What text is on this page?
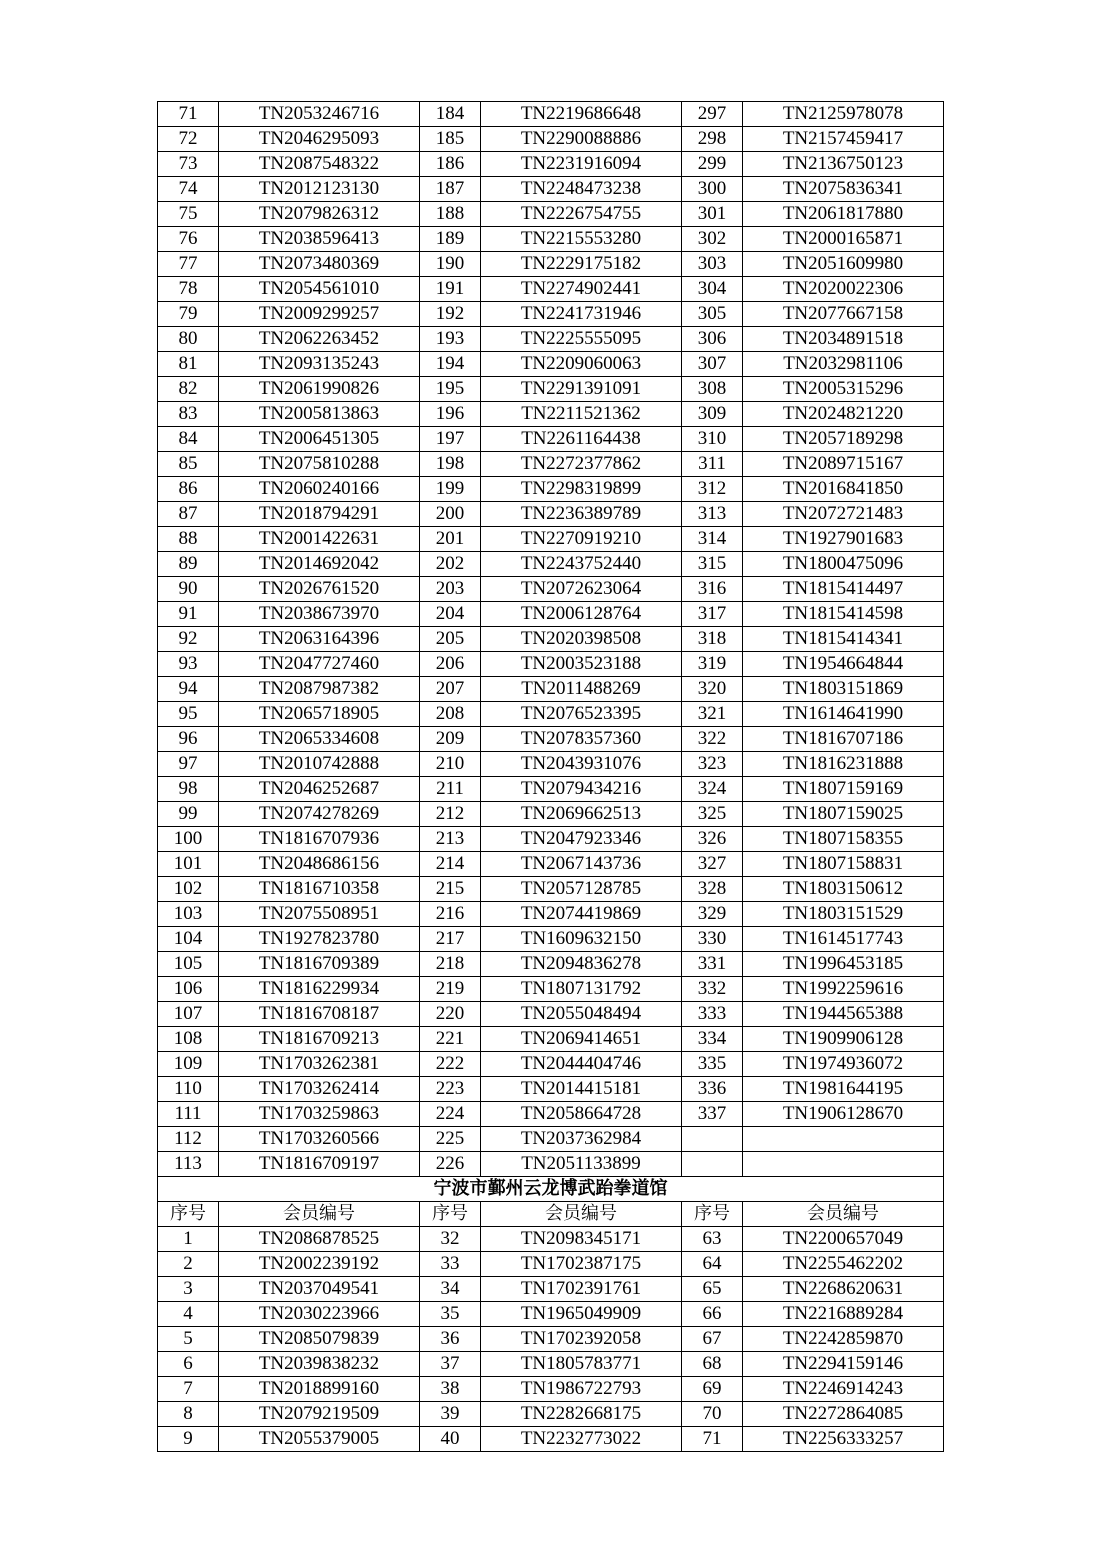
71	TN2053246716	184	TN2219686648	297	TN2125978078
72	TN2046295093	185	TN2290088886	298	TN2157459417
73	TN2087548322	186	TN2231916094	299	TN2136750123
74	TN2012123130	187	TN2248473238	300	TN2075836341
75	TN2079826312	188	TN2226754755	301	TN2061817880
76	TN2038596413	189	TN2215553280	302	TN2000165871
77	TN2073480369	190	TN2229175182	303	TN2051609980
78	TN2054561010	191	TN2274902441	304	TN2020022306
79	TN2009299257	192	TN2241731946	305	TN2077667158
80	TN2062263452	193	TN2225555095	306	TN2034891518
81	TN2093135243	194	TN2209060063	307	TN2032981106
82	TN2061990826	195	TN2291391091	308	TN2005315296
83	TN2005813863	196	TN2211521362	309	TN2024821220
84	TN2006451305	197	TN2261164438	310	TN2057189298
85	TN2075810288	198	TN2272377862	311	TN2089715167
86	TN2060240166	199	TN2298319899	312	TN2016841850
87	TN2018794291	200	TN2236389789	313	TN2072721483
88	TN2001422631	201	TN2270919210	314	TN1927901683
89	TN2014692042	202	TN2243752440	315	TN1800475096
90	TN2026761520	203	TN2072623064	316	TN1815414497
91	TN2038673970	204	TN2006128764	317	TN1815414598
92	TN2063164396	205	TN2020398508	318	TN1815414341
93	TN2047727460	206	TN2003523188	319	TN1954664844
94	TN2087987382	207	TN2011488269	320	TN1803151869
95	TN2065718905	208	TN2076523395	321	TN1614641990
96	TN2065334608	209	TN2078357360	322	TN1816707186
97	TN2010742888	210	TN2043931076	323	TN1816231888
98	TN2046252687	211	TN2079434216	324	TN1807159169
99	TN2074278269	212	TN2069662513	325	TN1807159025
100	TN1816707936	213	TN2047923346	326	TN1807158355
101	TN2048686156	214	TN2067143736	327	TN1807158831
102	TN1816710358	215	TN2057128785	328	TN1803150612
103	TN2075508951	216	TN2074419869	329	TN1803151529
104	TN1927823780	217	TN1609632150	330	TN1614517743
105	TN1816709389	218	TN2094836278	331	TN1996453185
106	TN1816229934	219	TN1807131792	332	TN1992259616
107	TN1816708187	220	TN2055048494	333	TN1944565388
108	TN1816709213	221	TN2069414651	334	TN1909906128
109	TN1703262381	222	TN2044404746	335	TN1974936072
110	TN1703262414	223	TN2014415181	336	TN1981644195
111	TN1703259863	224	TN2058664728	337	TN1906128670
112	TN1703260566	225	TN2037362984		
113	TN1816709197	226	TN2051133899		
宁波市鄞州云龙博武跆拳道馆					
序号	会员编号	序号	会员编号	序号	会员编号
1	TN2086878525	32	TN2098345171	63	TN2200657049
2	TN2002239192	33	TN1702387175	64	TN2255462202
3	TN2037049541	34	TN1702391761	65	TN2268620631
4	TN2030223966	35	TN1965049909	66	TN2216889284
5	TN2085079839	36	TN1702392058	67	TN2242859870
6	TN2039838232	37	TN1805783771	68	TN2294159146
7	TN2018899160	38	TN1986722793	69	TN2246914243
8	TN2079219509	39	TN2282668175	70	TN2272864085
9	TN2055379005	40	TN2232773022	71	TN2256333257
